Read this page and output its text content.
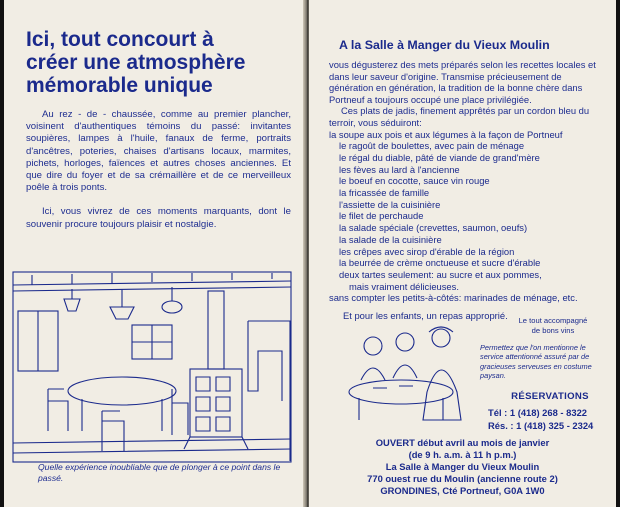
Ici, tout concourt à
créer une atmosphère
mémorable unique

Au rez - de - chaussée, comme au premier plancher, voisinent d'authentiques témoins du passé: invitantes soupières, lampes à l'huile, fanaux de ferme, portraits d'ancêtres, poteries, chaises d'artisans locaux, marmites, pichets, horloges, faïences et autres choses anciennes. Et que dire du foyer et de sa crémaillère et de ce merveilleux poêle à trois ponts.

Ici, vous vivrez de ces moments marquants, dont le souvenir procure toujours plaisir et nostalgie.

Quelle expérience inoubliable que de plonger à ce point dans le passé.

A la Salle à Manger du Vieux Moulin

vous dégusterez des mets préparés selon les recettes locales et dans leur saveur d'origine. Transmise précieusement de génération en génération, la tradition de la bonne chère dans Portneuf a toujours occupé une place privilégiée.

Ces plats de jadis, finement apprêtés par un cordon bleu du terroir, vous séduiront:

la soupe aux pois et aux légumes à la façon de Portneuf
le ragoût de boulettes, avec pain de ménage
le régal du diable, pâté de viande de grand'mère
les fèves au lard à l'ancienne
le boeuf en cocotte, sauce vin rouge
la fricassée de famille
l'assiette de la cuisinière
le filet de perchaude
la salade spéciale (crevettes, saumon, oeufs)
la salade de la cuisinière
les crêpes avec sirop d'érable de la région
la beurrée de crème onctueuse et sucre d'érable
deux tartes seulement: au sucre et aux pommes,
mais vraiment délicieuses.
sans compter les petits-à-côtés: marinades de ménage, etc.

Et pour les enfants, un repas approprié.	Le tout accompagné
de bons vins

Permettez que l'on mentionne le service attentionné assuré par de gracieuses serveuses en costume paysan.

RÉSERVATIONS

Tél : 1 (418) 268 - 8322

Rés. : 1 (418) 325 - 2324

OUVERT début avril au mois de janvier

(de 9 h. a.m. à 11 h p.m.)

La Salle à Manger du Vieux Moulin

770 ouest rue du Moulin (ancienne route 2)

GRONDINES, Cté Portneuf, G0A 1W0
